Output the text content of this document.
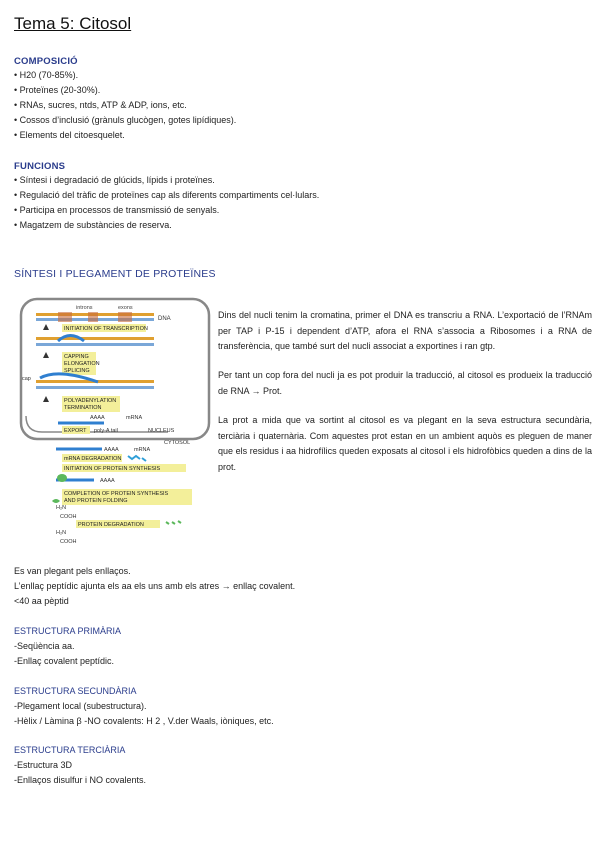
Tema 5: Citosol
COMPOSICIÓ
• H20 (70-85%).
• Proteïnes (20-30%).
• RNAs, sucres, ntds, ATP & ADP, ions, etc.
• Cossos d’inclusió (grànuls glucògen, gotes lipídiques).
• Elements del citoesquelet.
FUNCIONS
• Síntesi i degradació de glúcids, lípids i proteïnes.
• Regulació del tràfic de proteïnes cap als diferents compartiments cel·lulars.
• Participa en processos de transmissió de senyals.
• Magatzem de substàncies de reserva.
SÍNTESI I PLEGAMENT DE PROTEÏNES
introns	exons
DNA
INITIATION OF TRANSCRIPTION
CAPPING
ELONGATION
SPLICING
cap
POLYADENYLATION
TERMINATION
AAAA	mRNA
EXPORT poly-A tail	NUCLEUS
CYTOSOL
AAAA	mRNA
mRNA DEGRADATION
INITIATION OF PROTEIN SYNTHESIS
AAAA
COMPLETION OF PROTEIN SYNTHESIS
AND PROTEIN FOLDING
H₂N
COOH
PROTEIN DEGRADATION
H₂N
COOH

Dins del nucli tenim la cromatina, primer el DNA es transcriu a RNA. L’exportació de l’RNAm per TAP i P-15 i dependent d’ATP, afora el RNA s’associa a Ribosomes i a RNA de transferència, que també surt del nucli associat a exportines i ran gtp.

Per tant un cop fora del nucli ja es pot produir la traducció, al citosol es produeix la traducció de RNA → Prot.

La prot a mida que va sortint al citosol es va plegant en la seva estructura secundària, terciària i quaternària. Com aquestes prot estan en un ambient aquòs es pleguen de maner que els residus i aa hidrofílics queden exposats al citosol i els hidrofòbics queden a dins de la prot.

Es van plegant pels enllaços.
L’enllaç peptídic ajunta els aa els uns amb els atres → enllaç covalent.
<40 aa pèptid
ESTRUCTURA PRIMÀRIA
-Seqüència aa.
-Enllaç covalent peptídic.
ESTRUCTURA SECUNDÀRIA
-Plegament local (subestructura).
-Hèlix / Làmina β -NO covalents: H 2 , V.der Waals, iòniques, etc.
ESTRUCTURA TERCIÀRIA
-Estructura 3D
-Enllaços disulfur i NO covalents.
